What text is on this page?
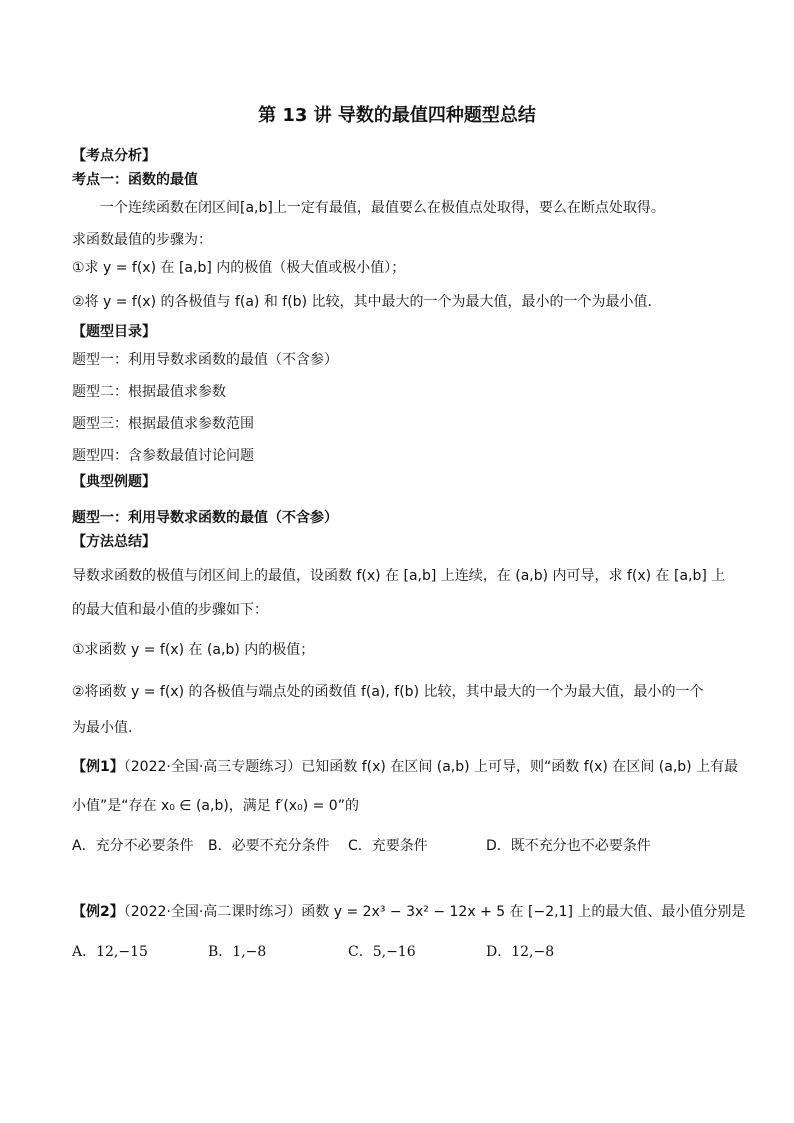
第 13 讲 导数的最值四种题型总结
【考点分析】
考点一：函数的最值
一个连续函数在闭区间[a,b]上一定有最值，最值要么在极值点处取得，要么在断点处取得。
求函数最值的步骤为：
①求 y = f(x) 在 [a,b] 内的极值（极大值或极小值）；
②将 y = f(x) 的各极值与 f(a) 和 f(b) 比较，其中最大的一个为最大值，最小的一个为最小值．
【题型目录】
题型一：利用导数求函数的最值（不含参）
题型二：根据最值求参数
题型三：根据最值求参数范围
题型四：含参数最值讨论问题
【典型例题】
题型一：利用导数求函数的最值（不含参）
【方法总结】
导数求函数的极值与闭区间上的最值，设函数 f(x) 在 [a,b] 上连续，在 (a,b) 内可导，求 f(x) 在 [a,b] 上
的最大值和最小值的步骤如下：
①求函数 y = f(x) 在 (a,b) 内的极值；
②将函数 y = f(x) 的各极值与端点处的函数值 f(a), f(b) 比较，其中最大的一个为最大值，最小的一个
为最小值．
【例1】（2022·全国·高三专题练习）已知函数 f(x) 在区间 (a,b) 上可导，则“函数 f(x) 在区间 (a,b) 上有最
小值”是“存在 x₀ ∈ (a,b)，满足 f′(x₀) = 0”的
A．充分不必要条件 B．必要不充分条件 C．充要条件	D．既不充分也不必要条件
【例2】（2022·全国·高二课时练习）函数 y = 2x³ − 3x² − 12x + 5 在 [−2,1] 上的最大值、最小值分别是
A．12,−15	B．1,−8	C．5,−16	D．12,−8
